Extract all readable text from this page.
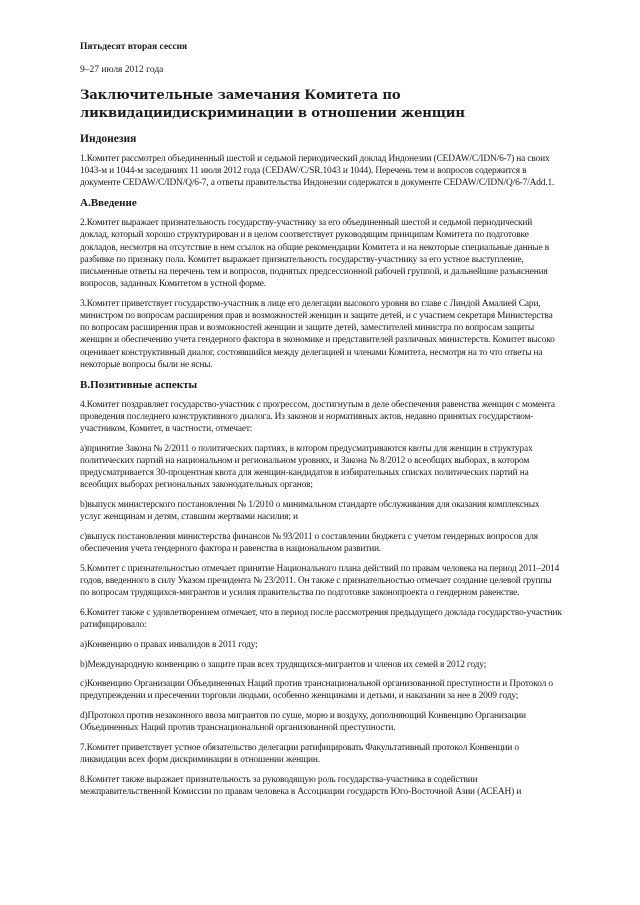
Пятьдесят вторая сессия
9–27 июля 2012 года
Заключительные замечания Комитета по ликвидациидискриминации в отношении женщин
Индонезия

1.Комитет рассмотрел объединенный шестой и седьмой периодический доклад Индонезии (CEDAW/C/IDN/6-7) на своих 1043-м и 1044-м заседаниях 11 июля 2012 года (CEDAW/C/SR.1043 и 1044). Перечень тем и вопросов содержится в документе CEDAW/C/IDN/Q/6-7, а ответы правительства Индонезии содержатся в документе CEDAW/C/IDN/Q/6-7/Add.1.

A.Введение

2.Комитет выражает признательность государству-участнику за его объединенный шестой и седьмой периодический доклад, который хорошо структурирован и в целом соответствует руководящим принципам Комитета по подготовке докладов, несмотря на отсутствие в нем ссылок на общие рекомендации Комитета и на некоторые специальные данные в разбивке по признаку пола. Комитет выражает признательность государству-участнику за его устное выступление, письменные ответы на перечень тем и вопросов, поднятых предсессионной рабочей группой, и дальнейшие разъяснения вопросов, заданных Комитетом в устной форме.

3.Комитет приветствует государство-участник в лице его делегации высокого уровня во главе с Линдой Амалией Сари, министром по вопросам расширения прав и возможностей женщин и защите детей, и с участием секретаря Министерства по вопросам расширения прав и возможностей женщин и защите детей, заместителей министра по вопросам защиты женщин и обеспечению учета гендерного фактора в экономике и представителей различных министерств. Комитет высоко оценивает конструктивный диалог, состоявшийся между делегацией и членами Комитета, несмотря на то что ответы на некоторые вопросы были не ясны.

B.Позитивные аспекты

4.Комитет поздравляет государство-участник с прогрессом, достигнутым в деле обеспечения равенства женщин с момента проведения последнего конструктивного диалога. Из законов и нормативных актов, недавно принятых государством-участником, Комитет, в частности, отмечает:

a)принятие Закона № 2/2011 о политических партиях, в котором предусматриваются квоты для женщин в структурах политических партий на национальном и региональном уровнях, и Закона № 8/2012 о всеобщих выборах, в котором предусматривается 30-процентная квота для женщин-кандидатов в избирательных списках политических партий на всеобщих выборах региональных законодательных органов;

b)выпуск министерского постановления № 1/2010 о минимальном стандарте обслуживания для оказания комплексных услуг женщинам и детям, ставшим жертвами насилия; и

c)выпуск постановления министерства финансов № 93/2011 о составлении бюджета с учетом гендерных вопросов для обеспечения учета гендерного фактора и равенства в национальном развитии.

5.Комитет с признательностью отмечает принятие Национального плана действий по правам человека на период 2011–2014 годов, введенного в силу Указом президента № 23/2011. Он также с признательностью отмечает создание целевой группы по вопросам трудящихся-мигрантов и усилия правительства по подготовке законопроекта о гендерном равенстве.

6.Комитет также с удовлетворением отмечает, что в период после рассмотрения предыдущего доклада государство-участник ратифицировало:

a)Конвенцию о правах инвалидов в 2011 году;

b)Международную конвенцию о защите прав всех трудящихся-мигрантов и членов их семей в 2012 году;

c)Конвенцию Организации Объединенных Наций против транснациональной организованной преступности и Протокол о предупреждении и пресечении торговли людьми, особенно женщинами и детьми, и наказании за нее в 2009 году;

d)Протокол против незаконного ввоза мигрантов по суше, морю и воздуху, дополняющий Конвенцию Организации Объединенных Наций против транснациональной организованной преступности.

7.Комитет приветствует устное обязательство делегации ратифицировать Факультативный протокол Конвенции о ликвидации всех форм дискриминации в отношении женщин.

8.Комитет также выражает признательность за руководящую роль государства-участника в содействии межправительственной Комиссии по правам человека в Ассоциации государств Юго-Восточной Азии (АСЕАН) и
